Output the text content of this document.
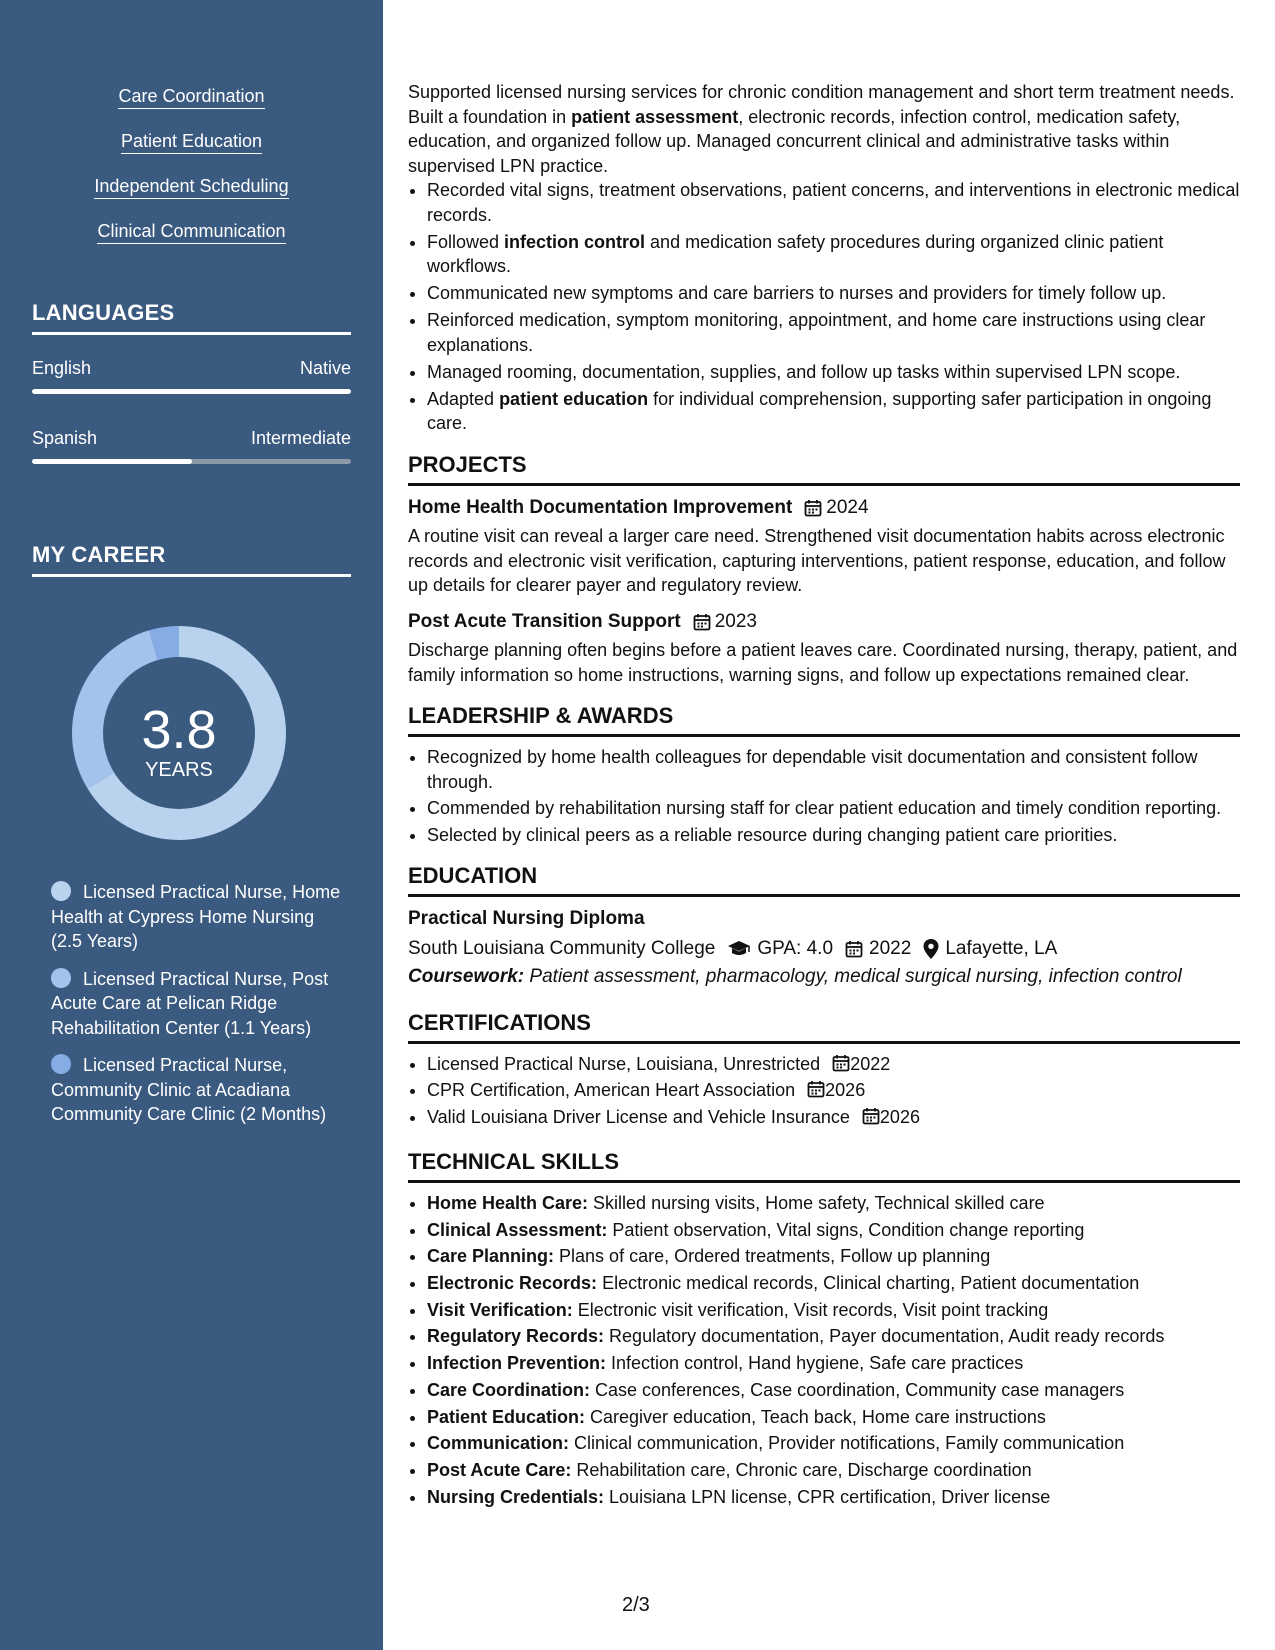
Care Coordination
Patient Education
Independent Scheduling
Clinical Communication
LANGUAGES
English	Native
Spanish	Intermediate
MY CAREER
3.8
YEARS
Licensed Practical Nurse, Home Health at Cypress Home Nursing (2.5 Years)
Licensed Practical Nurse, Post Acute Care at Pelican Ridge Rehabilitation Center (1.1 Years)
Licensed Practical Nurse, Community Clinic at Acadiana Community Care Clinic (2 Months)

Supported licensed nursing services for chronic condition management and short term treatment needs. Built a foundation in patient assessment, electronic records, infection control, medication safety, education, and organized follow up. Managed concurrent clinical and administrative tasks within supervised LPN practice.

• Recorded vital signs, treatment observations, patient concerns, and interventions in electronic medical records.
• Followed infection control and medication safety procedures during organized clinic patient workflows.
• Communicated new symptoms and care barriers to nurses and providers for timely follow up.
• Reinforced medication, symptom monitoring, appointment, and home care instructions using clear explanations.
• Managed rooming, documentation, supplies, and follow up tasks within supervised LPN scope.
• Adapted patient education for individual comprehension, supporting safer participation in ongoing care.
PROJECTS
Home Health Documentation Improvement 2024

A routine visit can reveal a larger care need. Strengthened visit documentation habits across electronic records and electronic visit verification, capturing interventions, patient response, education, and follow up details for clearer payer and regulatory review.

Post Acute Transition Support 2023

Discharge planning often begins before a patient leaves care. Coordinated nursing, therapy, patient, and family information so home instructions, warning signs, and follow up expectations remained clear.

LEADERSHIP & AWARDS
• Recognized by home health colleagues for dependable visit documentation and consistent follow through.
• Commended by rehabilitation nursing staff for clear patient education and timely condition reporting.
• Selected by clinical peers as a reliable resource during changing patient care priorities.
EDUCATION
Practical Nursing Diploma
South Louisiana Community College GPA: 4.0 2022 Lafayette, LA
Coursework: Patient assessment, pharmacology, medical surgical nursing, infection control
CERTIFICATIONS
• Licensed Practical Nurse, Louisiana, Unrestricted 2022
• CPR Certification, American Heart Association 2026
• Valid Louisiana Driver License and Vehicle Insurance 2026
TECHNICAL SKILLS
• Home Health Care: Skilled nursing visits, Home safety, Technical skilled care
• Clinical Assessment: Patient observation, Vital signs, Condition change reporting
• Care Planning: Plans of care, Ordered treatments, Follow up planning
• Electronic Records: Electronic medical records, Clinical charting, Patient documentation
• Visit Verification: Electronic visit verification, Visit records, Visit point tracking
• Regulatory Records: Regulatory documentation, Payer documentation, Audit ready records
• Infection Prevention: Infection control, Hand hygiene, Safe care practices
• Care Coordination: Case conferences, Case coordination, Community case managers
• Patient Education: Caregiver education, Teach back, Home care instructions
• Communication: Clinical communication, Provider notifications, Family communication
• Post Acute Care: Rehabilitation care, Chronic care, Discharge coordination
• Nursing Credentials: Louisiana LPN license, CPR certification, Driver license
2/3
